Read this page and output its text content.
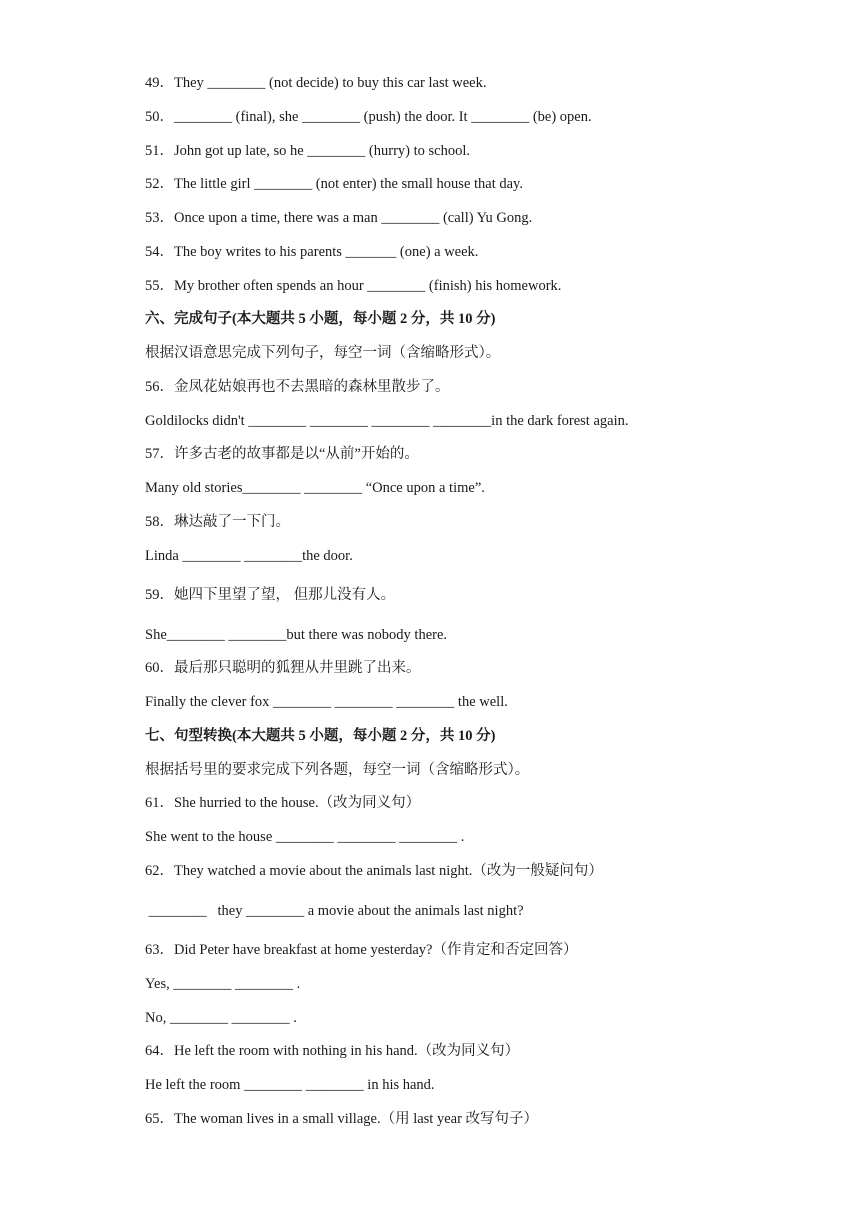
49．They ________ (not decide) to buy this car last week.

50．________ (final), she ________ (push) the door. It ________ (be) open.

51．John got up late, so he ________ (hurry) to school.

52．The little girl ________ (not enter) the small house that day.

53．Once upon a time, there was a man ________ (call) Yu Gong.

54．The boy writes to his parents _______ (one) a week.

55．My brother often spends an hour ________ (finish) his homework.

六、完成句子(本大题共 5 小题，每小题 2 分，共 10 分)

根据汉语意思完成下列句子，每空一词（含缩略形式）。

56．金凤花姑娘再也不去黑暗的森林里散步了。

Goldilocks didn't ________ ________ ________ ________in the dark forest again.

57．许多古老的故事都是以“从前”开始的。

Many old stories________ ________ “Once upon a time”.

58．琳达敲了一下门。

Linda ________ ________the door.

59．她四下里望了望， 但那儿没有人。

She________ ________but there was nobody there.

60．最后那只聪明的狐狸从井里跳了出来。

Finally the clever fox ________ ________ ________ the well.

七、句型转换(本大题共 5 小题，每小题 2 分，共 10 分)

根据括号里的要求完成下列各题，每空一词（含缩略形式）。

61．She hurried to the house.（改为同义句）

She went to the house ________ ________ ________ .

62．They watched a movie about the animals last night.（改为一般疑问句）

________   they ________ a movie about the animals last night?

63．Did Peter have breakfast at home yesterday?（作肯定和否定回答）

Yes, ________ ________ .

No, ________ ________ .

64．He left the room with nothing in his hand.（改为同义句）

He left the room ________ ________ in his hand.

65．The woman lives in a small village.（用 last year 改写句子）
